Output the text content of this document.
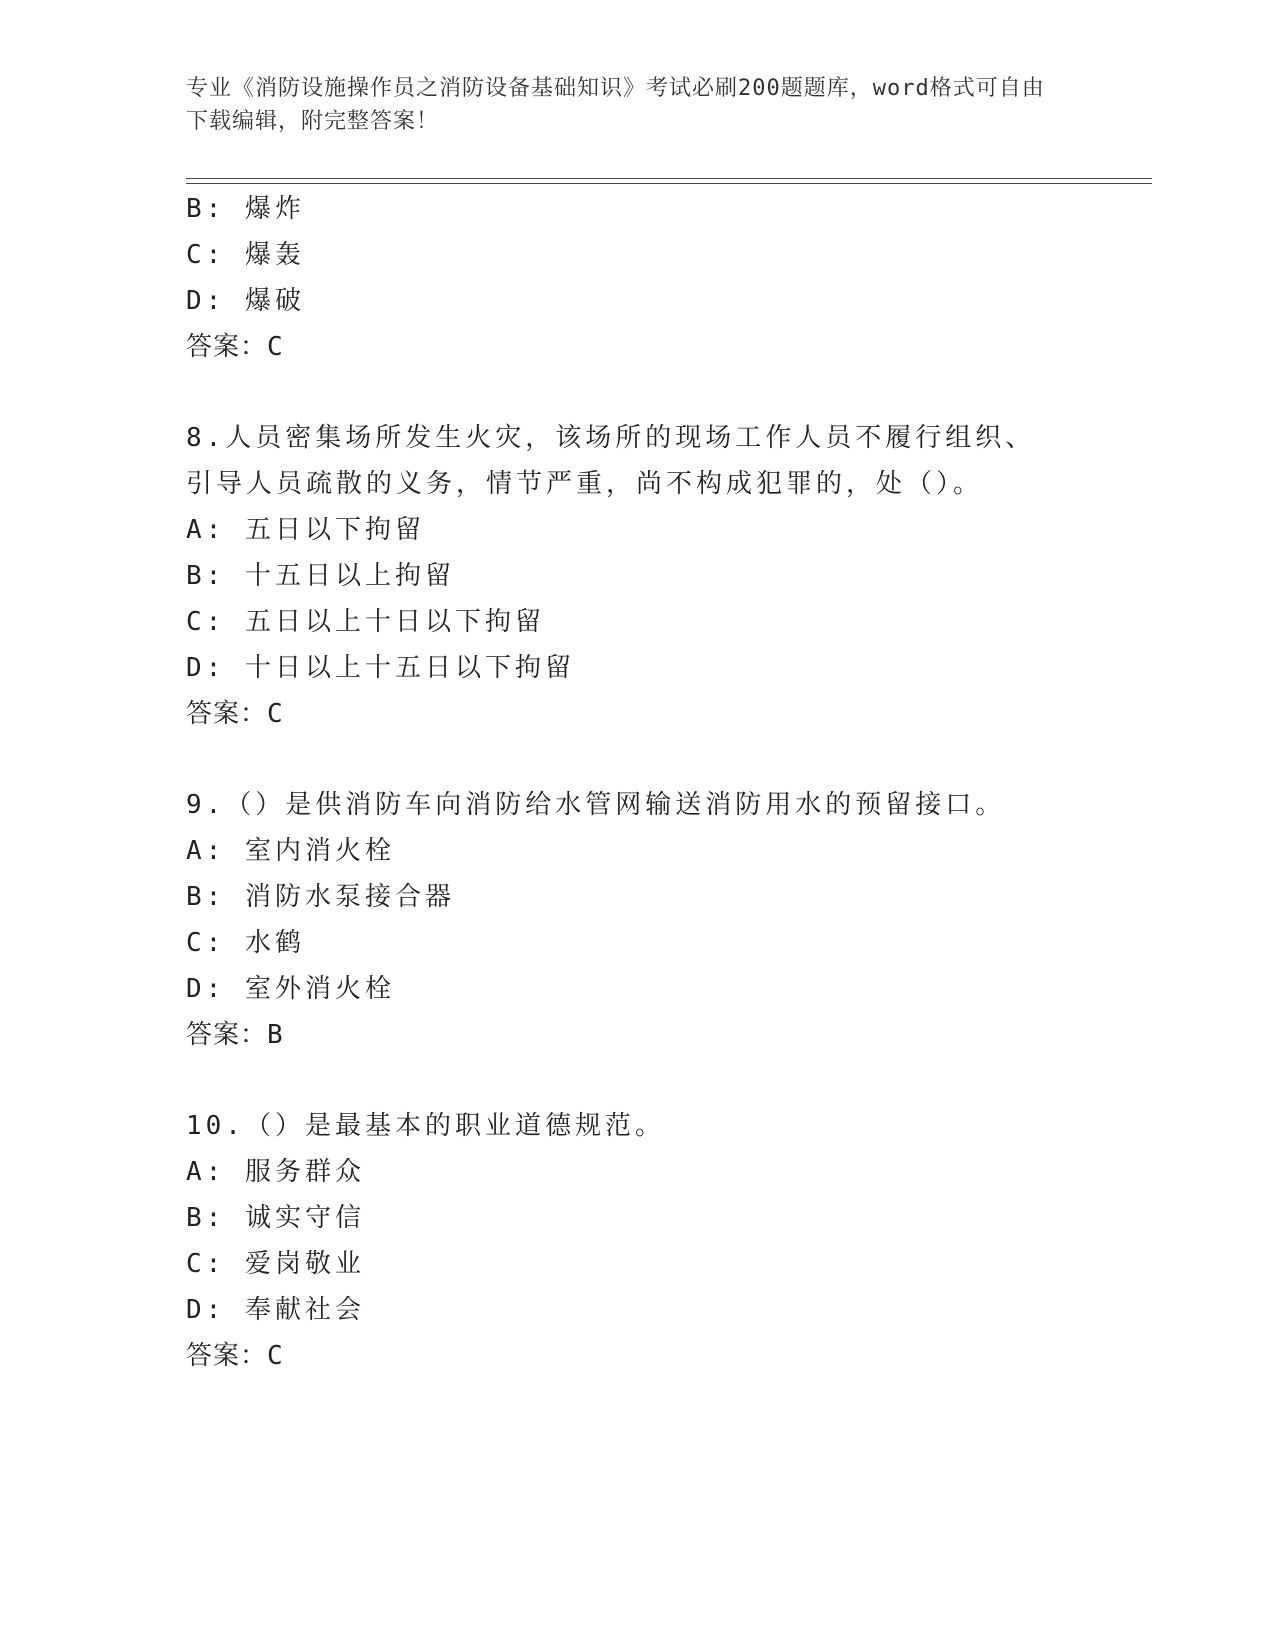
专业《消防设施操作员之消防设备基础知识》考试必刷200题题库，word格式可自由下载编辑，附完整答案！

B: 爆炸

C: 爆轰

D: 爆破

答案：C

8.人员密集场所发生火灾，该场所的现场工作人员不履行组织、引导人员疏散的义务，情节严重，尚不构成犯罪的，处（）。

A: 五日以下拘留

B: 十五日以上拘留

C: 五日以上十日以下拘留

D: 十日以上十五日以下拘留

答案：C

9.（）是供消防车向消防给水管网输送消防用水的预留接口。

A: 室内消火栓

B: 消防水泵接合器

C: 水鹤

D: 室外消火栓

答案：B

10.（）是最基本的职业道德规范。

A: 服务群众

B: 诚实守信

C: 爱岗敬业

D: 奉献社会

答案：C
